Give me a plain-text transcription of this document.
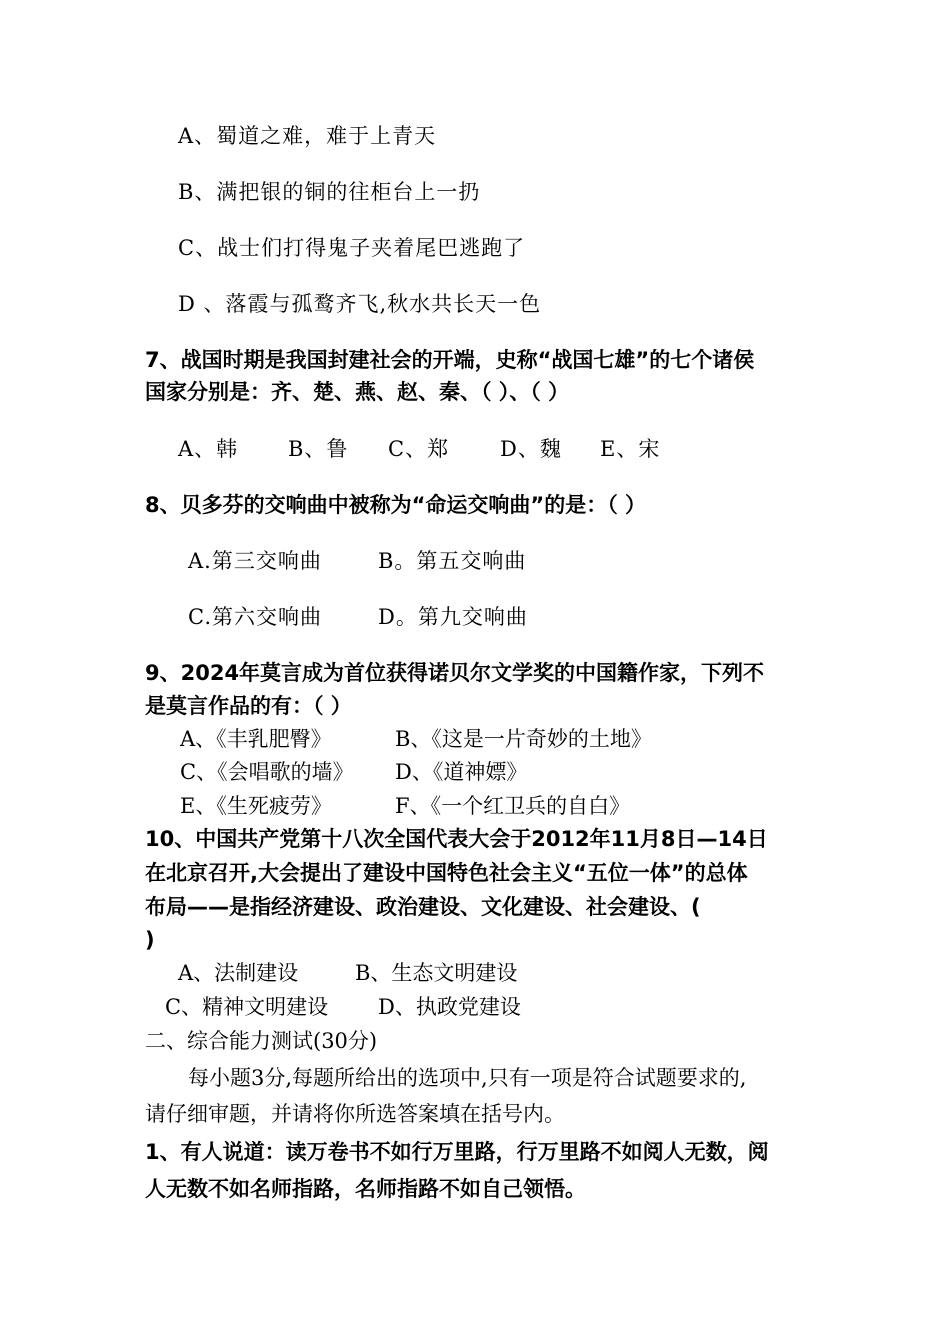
A、蜀道之难，难于上青天
B、满把银的铜的往柜台上一扔
C、战士们打得鬼子夹着尾巴逃跑了
D 、落霞与孤鹜齐飞,秋水共长天一色
7、战国时期是我国封建社会的开端，史称“战国七雄”的七个诸侯
国家分别是：齐、楚、燕、赵、秦、（ ）、（ ）
A、韩 B、鲁 C、郑 D、魏 E、宋
8、贝多芬的交响曲中被称为“命运交响曲”的是：（ ）
A.第三交响曲	B。第五交响曲
C.第六交响曲	D。第九交响曲
9、2024年莫言成为首位获得诺贝尔文学奖的中国籍作家，下列不
是莫言作品的有：（ ）
A、《丰乳肥臀》	B、《这是一片奇妙的土地》
C、《会唱歌的墙》 D、《道神嫖》
E、《生死疲劳》	F、《一个红卫兵的自白》
10、中国共产党第十八次全国代表大会于2012年11月8日—14日
在北京召开,大会提出了建设中国特色社会主义“五位一体”的总体
布局——是指经济建设、政治建设、文化建设、社会建设、(
)
A、法制建设	B、生态文明建设
C、精神文明建设 D、执政党建设
二、综合能力测试(30分)
每小题3分,每题所给出的选项中,只有一项是符合试题要求的,
请仔细审题，并请将你所选答案填在括号内。
1、有人说道：读万卷书不如行万里路，行万里路不如阅人无数，阅
人无数不如名师指路，名师指路不如自己领悟。
